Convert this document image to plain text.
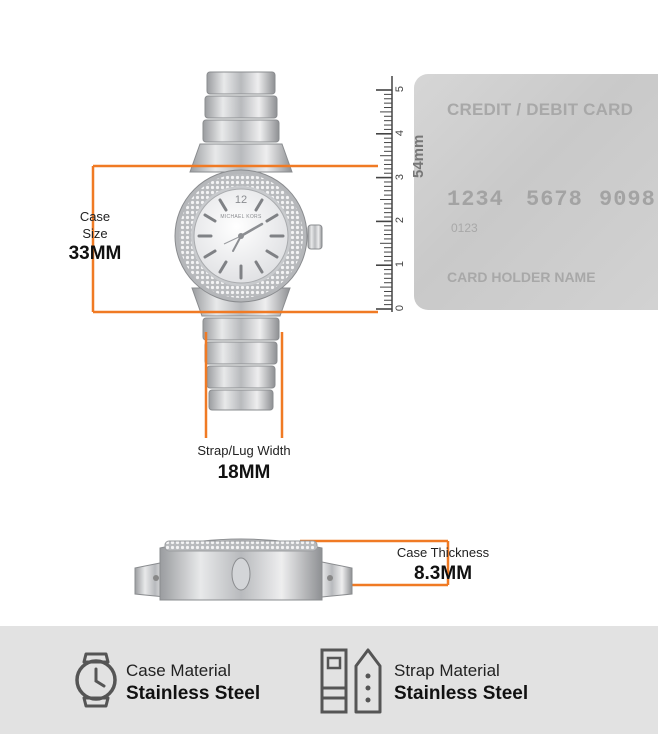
12
MICHAEL KORS
5
4
3
2
1
0
CREDIT / DEBIT CARD
1234 5678 9098
0123
CARD HOLDER NAME
54mm
Case
Size
33MM
Strap/Lug Width
18MM
Case Thickness
8.3MM
Case Material
Stainless Steel
Strap Material
Stainless Steel
